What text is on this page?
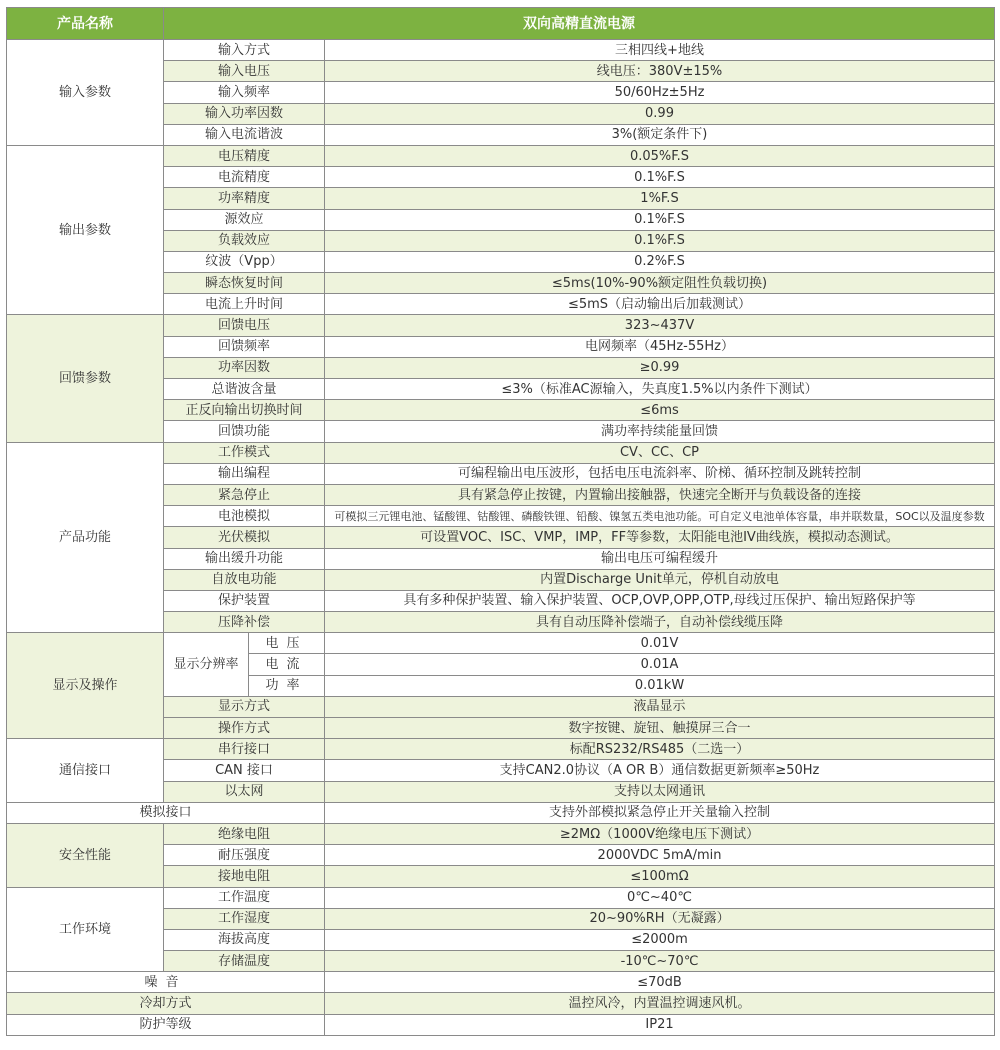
产品名称	双向高精直流电源		
输入参数	输入方式		三相四线+地线
	输入电压		线电压：380V±15%
	输入频率		50/60Hz±5Hz
	输入功率因数		0.99
	输入电流谐波		3%(额定条件下)
输出参数	电压精度		0.05%F.S
	电流精度		0.1%F.S
	功率精度		1%F.S
	源效应		0.1%F.S
	负载效应		0.1%F.S
	纹波（Vpp）		0.2%F.S
	瞬态恢复时间		≤5ms(10%-90%额定阻性负载切换)
	电流上升时间		≤5mS（启动输出后加载测试）
回馈参数	回馈电压		323~437V
	回馈频率		电网频率（45Hz-55Hz）
	功率因数		≥0.99
	总谐波含量		≤3%（标准AC源输入，失真度1.5%以内条件下测试）
	正反向输出切换时间		≤6ms
	回馈功能		满功率持续能量回馈
产品功能	工作模式		CV、CC、CP
	输出编程		可编程输出电压波形，包括电压电流斜率、阶梯、循环控制及跳转控制
	紧急停止		具有紧急停止按键，内置输出接触器，快速完全断开与负载设备的连接
	电池模拟		可模拟三元锂电池、锰酸锂、钴酸锂、磷酸铁锂、铅酸、镍氢五类电池功能。可自定义电池单体容量，串并联数量，SOC以及温度参数
	光伏模拟		可设置VOC、ISC、VMP，IMP，FF等参数，太阳能电池IV曲线族，模拟动态测试。
	输出缓升功能		输出电压可编程缓升
	自放电功能		内置Discharge Unit单元，停机自动放电
	保护装置		具有多种保护装置、输入保护装置、OCP,OVP,OPP,OTP,母线过压保护、输出短路保护等
	压降补偿		具有自动压降补偿端子，自动补偿线缆压降
显示及操作	显示分辨率	电压	0.01V
		电流	0.01A
		功率	0.01kW
	显示方式		液晶显示
	操作方式		数字按键、旋钮、触摸屏三合一
通信接口	串行接口		标配RS232/RS485（二选一）
	CAN 接口		支持CAN2.0协议（A OR B）通信数据更新频率≥50Hz
	以太网		支持以太网通讯
模拟接口			支持外部模拟紧急停止开关量输入控制
安全性能	绝缘电阻		≥2MΩ（1000V绝缘电压下测试）
	耐压强度		2000VDC 5mA/min
	接地电阻		≤100mΩ
工作环境	工作温度		0℃~40℃
	工作湿度		20~90%RH（无凝露）
	海拔高度		≤2000m
	存储温度		-10℃~70℃
噪音			≤70dB
冷却方式			温控风冷，内置温控调速风机。
防护等级			IP21
